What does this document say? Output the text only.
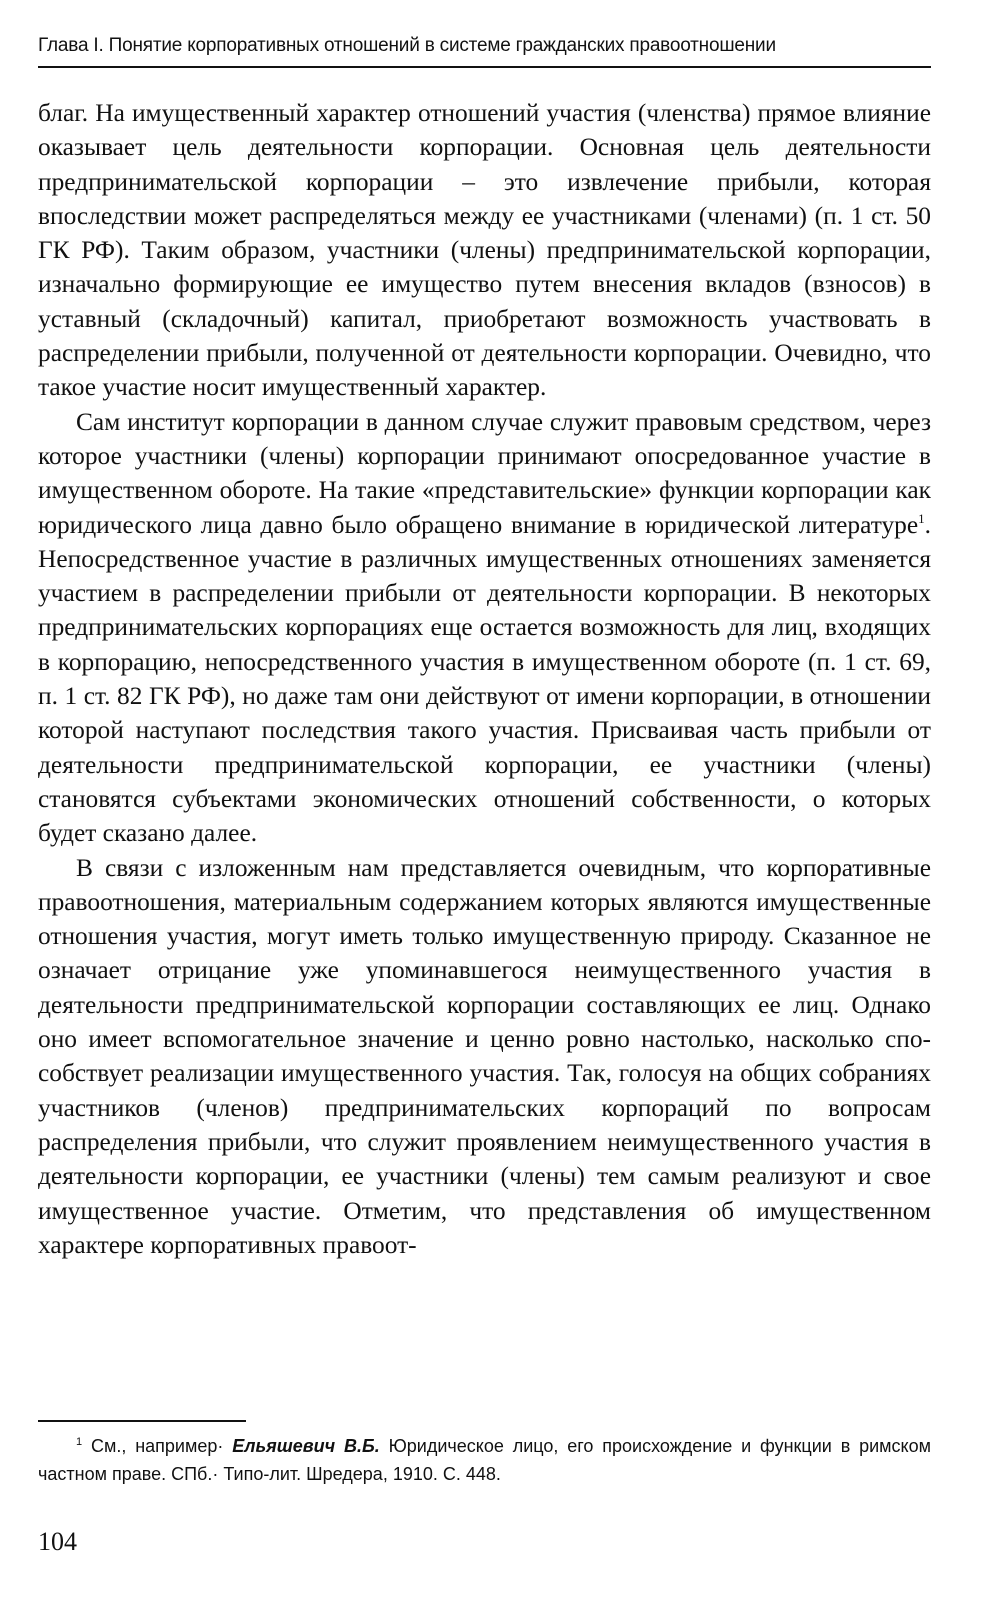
Глава I. Понятие корпоративных отношений в системе гражданских правоотношении

благ. На имущественный характер отношений участия (членства) прямое влияние оказывает цель деятельности корпорации. Основная цель деятельности предпринимательской корпорации – это извлечение прибыли, которая впоследствии может распределяться между ее участниками (членами) (п. 1 ст. 50 ГК РФ). Таким образом, участники (члены) предпринимательской корпорации, изначально формирующие ее имущество путем внесения вкладов (взносов) в уставный (складочный) капитал, приобретают возможность участвовать в распределении прибыли, полученной от деятельности корпорации. Очевидно, что такое участие носит имущественный характер.

Сам институт корпорации в данном случае служит правовым средством, через которое участники (члены) корпорации принимают опосредованное участие в имущественном обороте. На такие «представительские» функции корпорации как юридического лица давно было обращено внимание в юридической литературе$^1$. Непосредственное участие в различных имущественных отношениях заменяется участием в распределении прибыли от деятельности корпорации. В некоторых предпринимательских корпорациях еще остается возможность для лиц, входящих в корпорацию, непосредственного участия в имущественном обороте (п. 1 ст. 69, п. 1 ст. 82 ГК РФ), но даже там они действуют от имени корпорации, в отношении которой наступают последствия такого участия. Присваивая часть прибыли от деятельности предпринимательской корпорации, ее участники (члены) становятся субъектами экономических отношений собственности, о которых будет сказано далее.

В связи с изложенным нам представляется очевидным, что корпоративные правоотношения, материальным содержанием которых являются имущественные отношения участия, могут иметь только имущественную природу. Сказанное не означает отрицание уже упоминавшегося неимущественного участия в деятельности предпринимательской корпорации составляющих ее лиц. Однако оно имеет вспомогательное значение и ценно ровно настолько, насколько способствует реализации имущественного участия. Так, голосуя на общих собраниях участников (членов) предпринимательских корпораций по вопросам распределения прибыли, что служит проявлением неимущественного участия в деятельности корпорации, ее участники (члены) тем самым реализуют и свое имущественное участие. Отметим, что представления об имущественном характере корпоративных правоот-

$^1$ См., например· Ельяшевич В.Б. Юридическое лицо, его происхождение и функции в римском частном праве. СПб.· Типо-лит. Шредера, 1910. С. 448.

104
